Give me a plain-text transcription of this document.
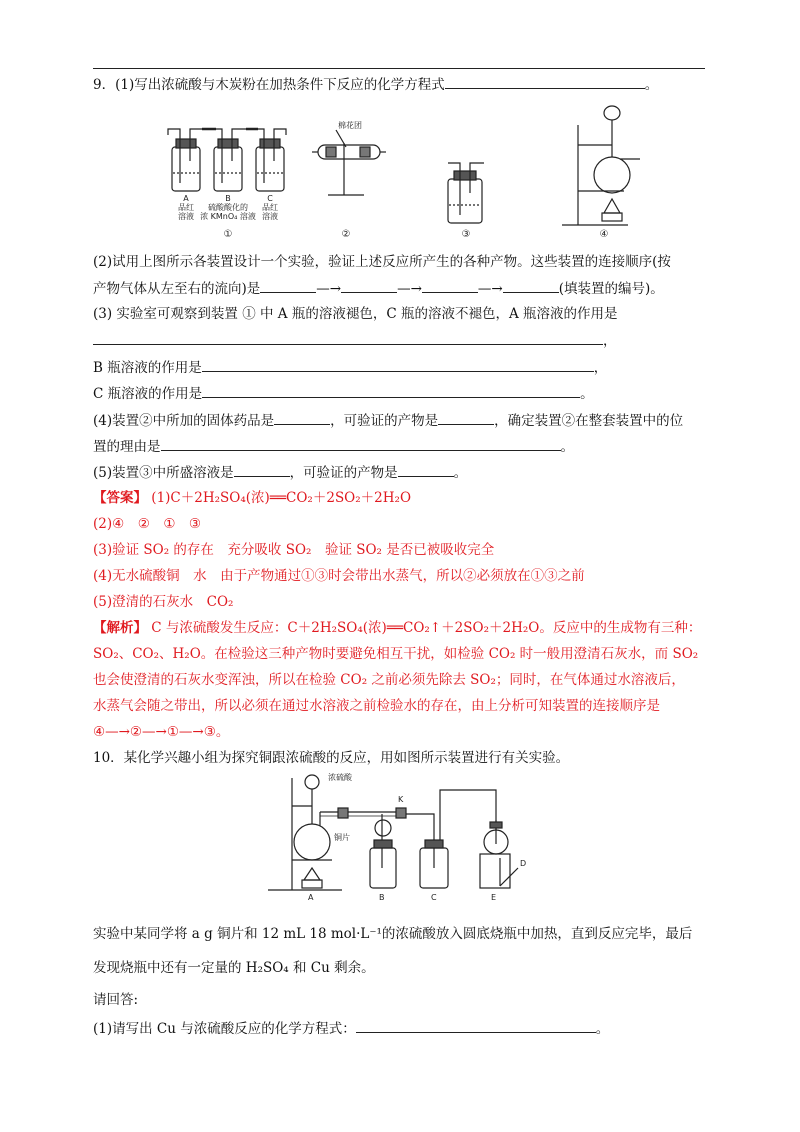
9．(1)写出浓硫酸与木炭粉在加热条件下反应的化学方程式	。
A	B	C
品红
溶液
硫酸酸化的
浓 KMnO₄ 溶液
品红
溶液
棉花团
①	②	③	④
(2)试用上图所示各装置设计一个实验，验证上述反应所产生的各种产物。这些装置的连接顺序(按
产物气体从左至右的流向)是	—→	—→	—→	(填装置的编号)。
(3) 实验室可观察到装置 ① 中 A 瓶的溶液褪色，C 瓶的溶液不褪色，A 瓶溶液的作用是
，
B 瓶溶液的作用是	，
C 瓶溶液的作用是	。
(4)装置②中所加的固体药品是	，可验证的产物是	，确定装置②在整套装置中的位
置的理由是	。
(5)装置③中所盛溶液是	，可验证的产物是	。
【答案】 (1)C＋2H₂SO₄(浓)══CO₂＋2SO₂＋2H₂O
(2)④　②　①　③
(3)验证 SO₂ 的存在　充分吸收 SO₂　验证 SO₂ 是否已被吸收完全
(4)无水硫酸铜　水　由于产物通过①③时会带出水蒸气，所以②必须放在①③之前
(5)澄清的石灰水　CO₂
【解析】 C 与浓硫酸发生反应：C＋2H₂SO₄(浓)══CO₂↑＋2SO₂＋2H₂O。反应中的生成物有三种：
SO₂、CO₂、H₂O。在检验这三种产物时要避免相互干扰，如检验 CO₂ 时一般用澄清石灰水，而 SO₂
也会使澄清的石灰水变浑浊，所以在检验 CO₂ 之前必须先除去 SO₂；同时，在气体通过水溶液后，
水蒸气会随之带出，所以必须在通过水溶液之前检验水的存在，由上分析可知装置的连接顺序是
④—→②—→①—→③。
10．某化学兴趣小组为探究铜跟浓硫酸的反应，用如图所示装置进行有关实验。
浓硫酸
铜片
K
A	B	C	E
D
实验中某同学将 a g 铜片和 12 mL 18 mol·L⁻¹的浓硫酸放入圆底烧瓶中加热，直到反应完毕，最后
发现烧瓶中还有一定量的 H₂SO₄ 和 Cu 剩余。
请回答:
(1)请写出 Cu 与浓硫酸反应的化学方程式：	。
